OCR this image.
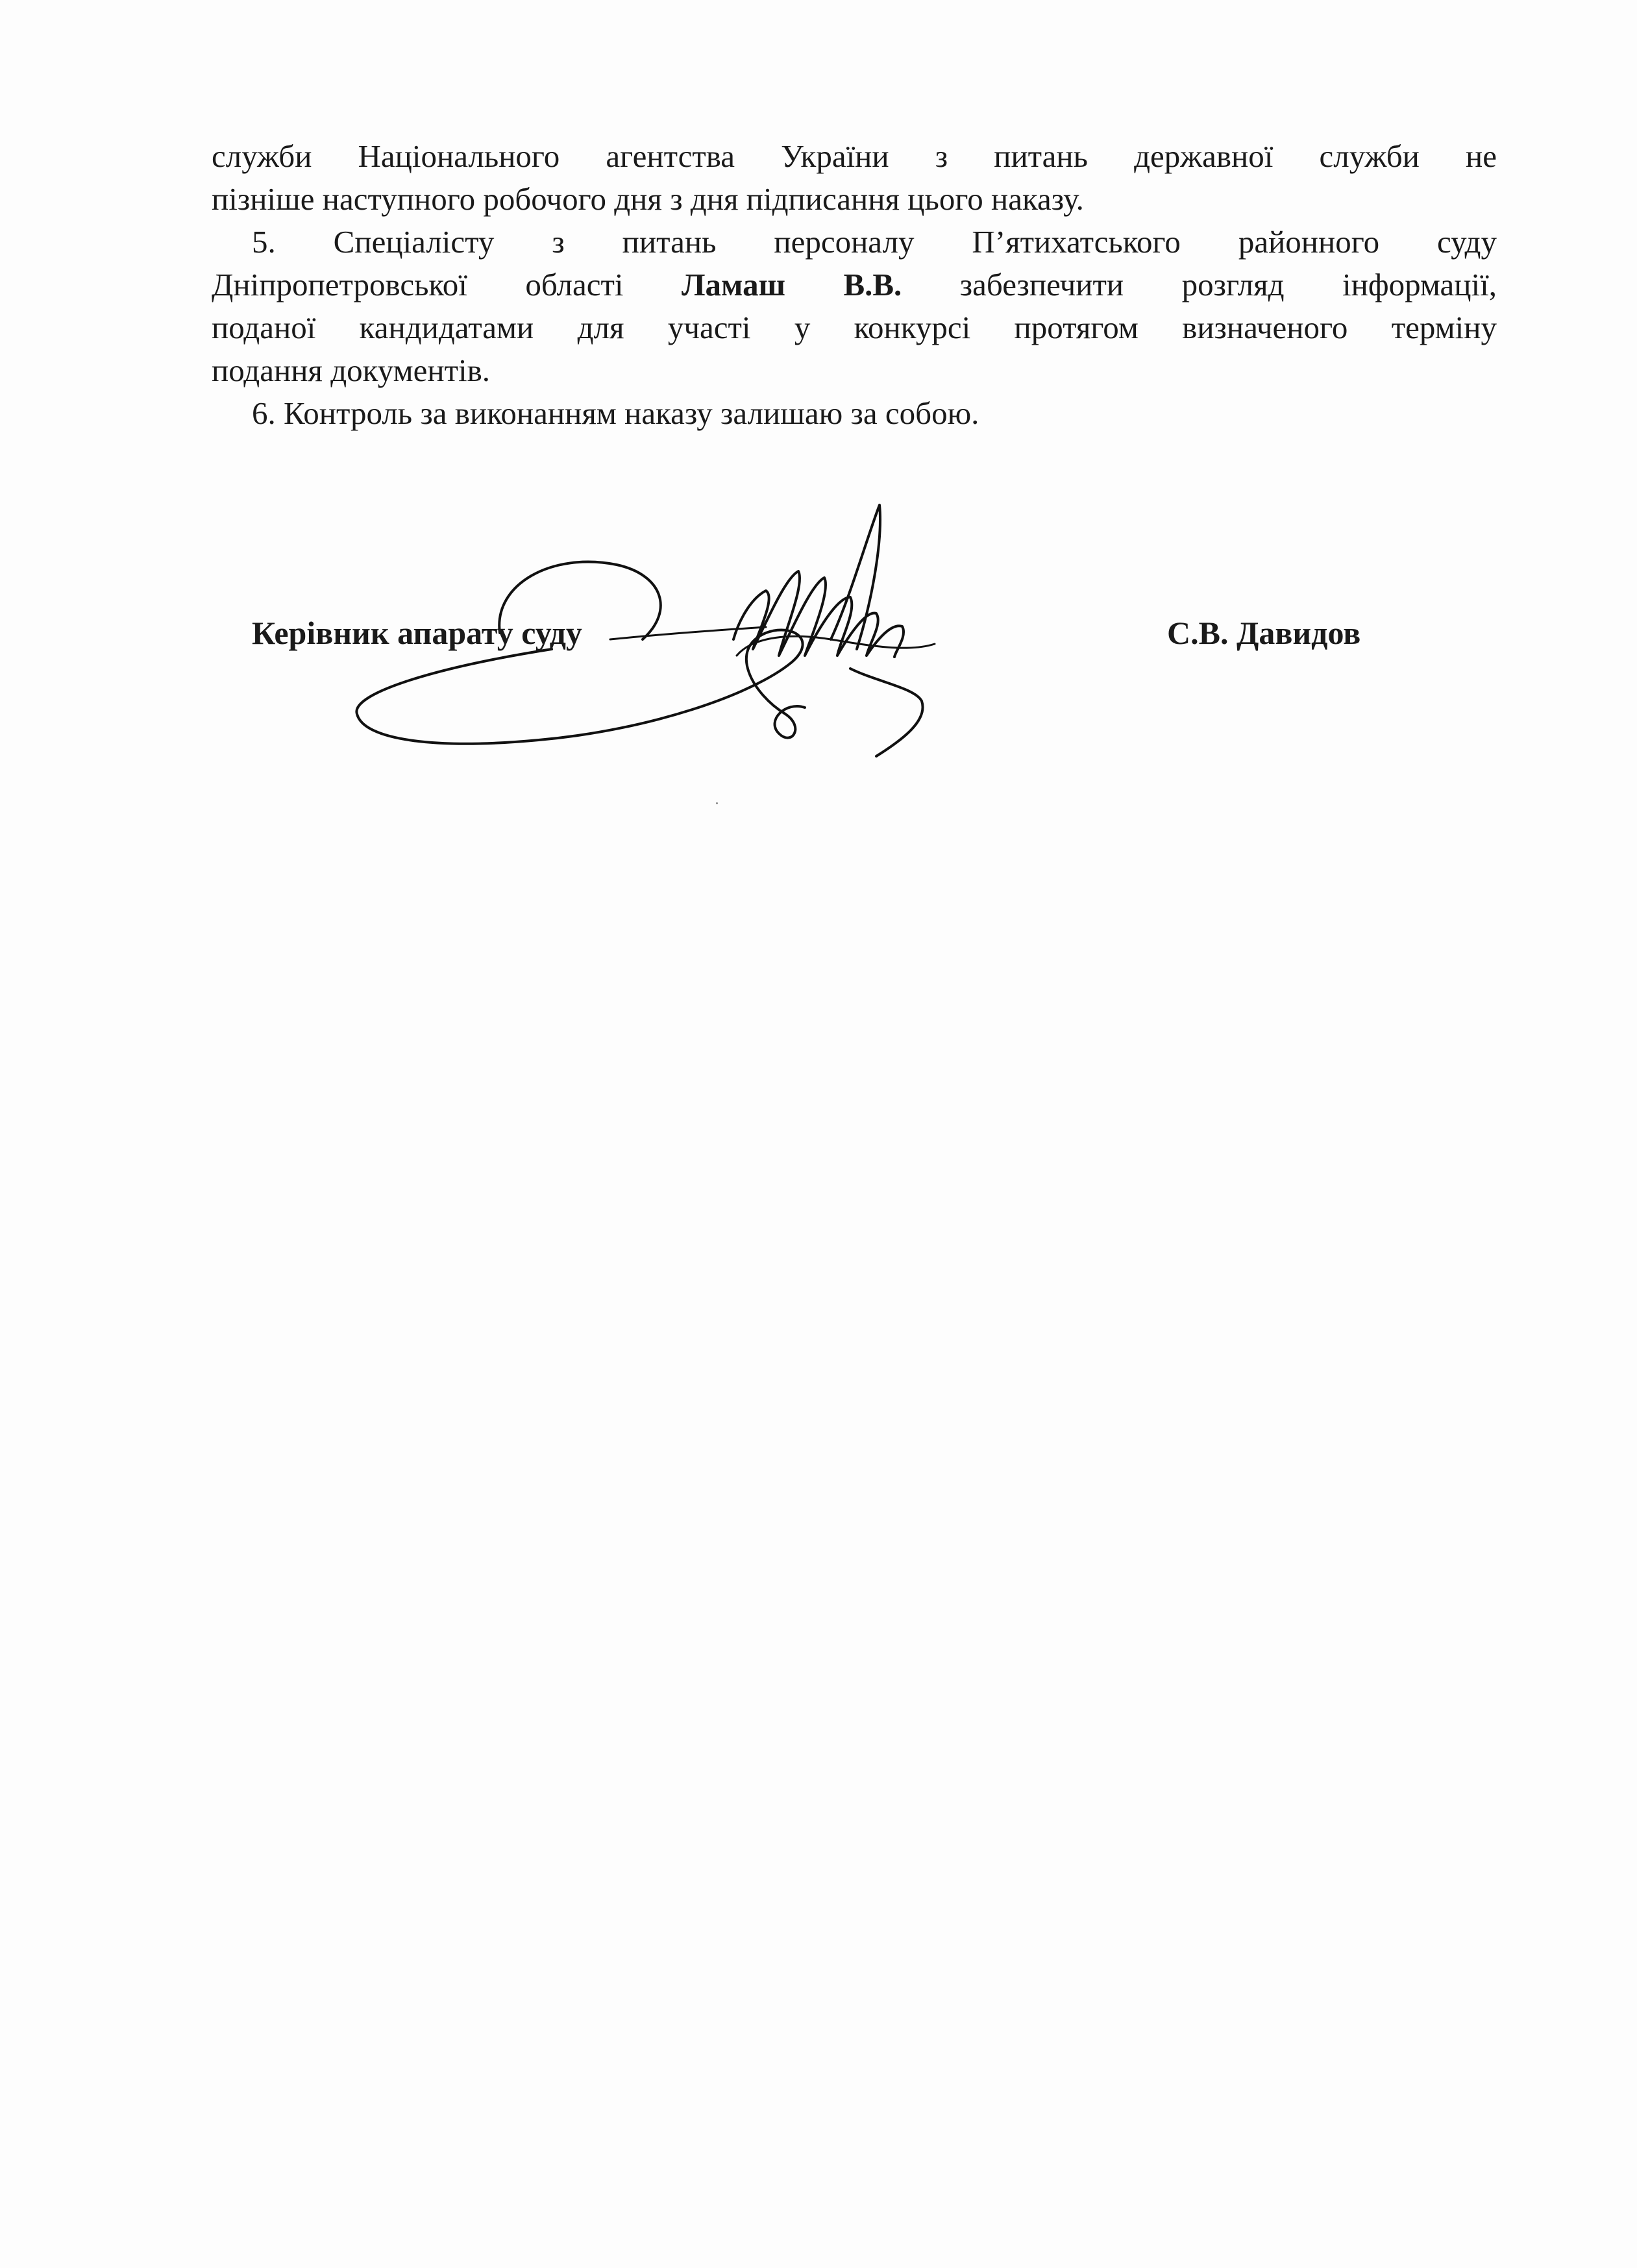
служби Національного агентства України з питань державної служби не
пізніше наступного робочого дня з дня підписання цього наказу.

5. Спеціалісту з питань персоналу П’ятихатського районного суду
Дніпропетровської області Ламаш В.В. забезпечити розгляд інформації,
поданої кандидатами для участі у конкурсі протягом визначеного терміну
подання документів.

6. Контроль за виконанням наказу залишаю за собою.

Керівник апарату суду	С.В. Давидов
